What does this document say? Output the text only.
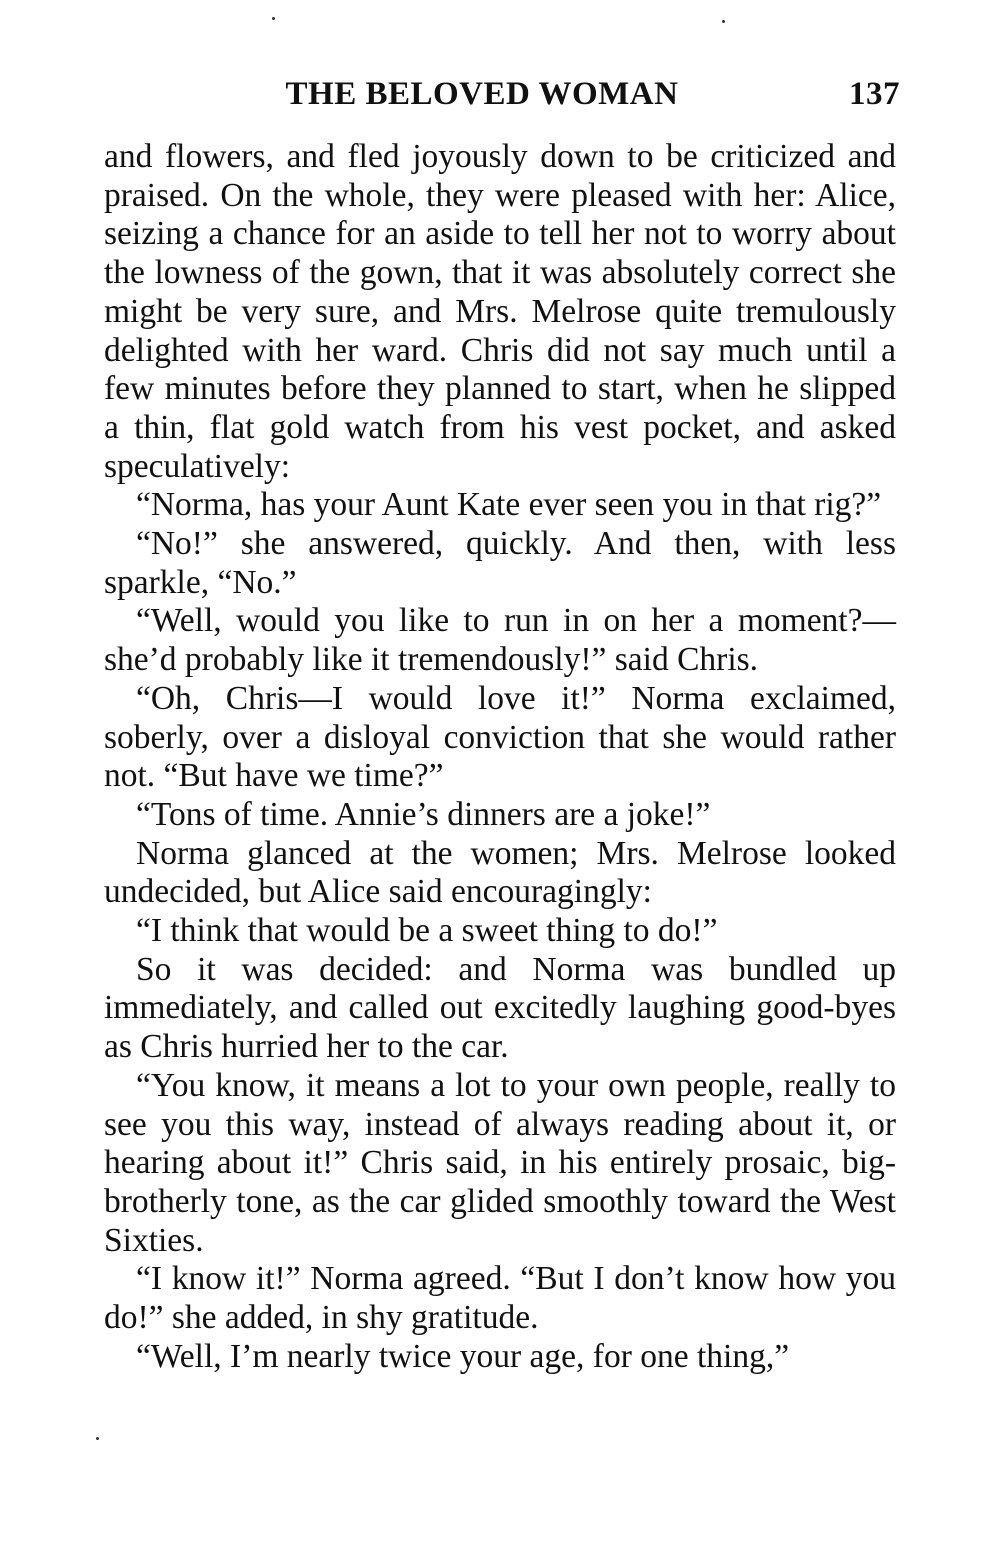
THE BELOVED WOMAN	137

and flowers, and fled joyously down to be criticized and praised. On the whole, they were pleased with her: Alice, seizing a chance for an aside to tell her not to worry about the lowness of the gown, that it was absolutely correct she might be very sure, and Mrs. Melrose quite tremulously delighted with her ward. Chris did not say much until a few minutes before they planned to start, when he slipped a thin, flat gold watch from his vest pocket, and asked speculatively:

“Norma, has your Aunt Kate ever seen you in that rig?”

“No!” she answered, quickly. And then, with less sparkle, “No.”

“Well, would you like to run in on her a moment?—she’d probably like it tremendously!” said Chris.

“Oh, Chris—I would love it!” Norma exclaimed, soberly, over a disloyal conviction that she would rather not. “But have we time?”

“Tons of time. Annie’s dinners are a joke!”

Norma glanced at the women; Mrs. Melrose looked undecided, but Alice said encouragingly:

“I think that would be a sweet thing to do!”

So it was decided: and Norma was bundled up immediately, and called out excitedly laughing good-byes as Chris hurried her to the car.

“You know, it means a lot to your own people, really to see you this way, instead of always reading about it, or hearing about it!” Chris said, in his entirely prosaic, big-brotherly tone, as the car glided smoothly toward the West Sixties.

“I know it!” Norma agreed. “But I don’t know how you do!” she added, in shy gratitude.

“Well, I’m nearly twice your age, for one thing,”
